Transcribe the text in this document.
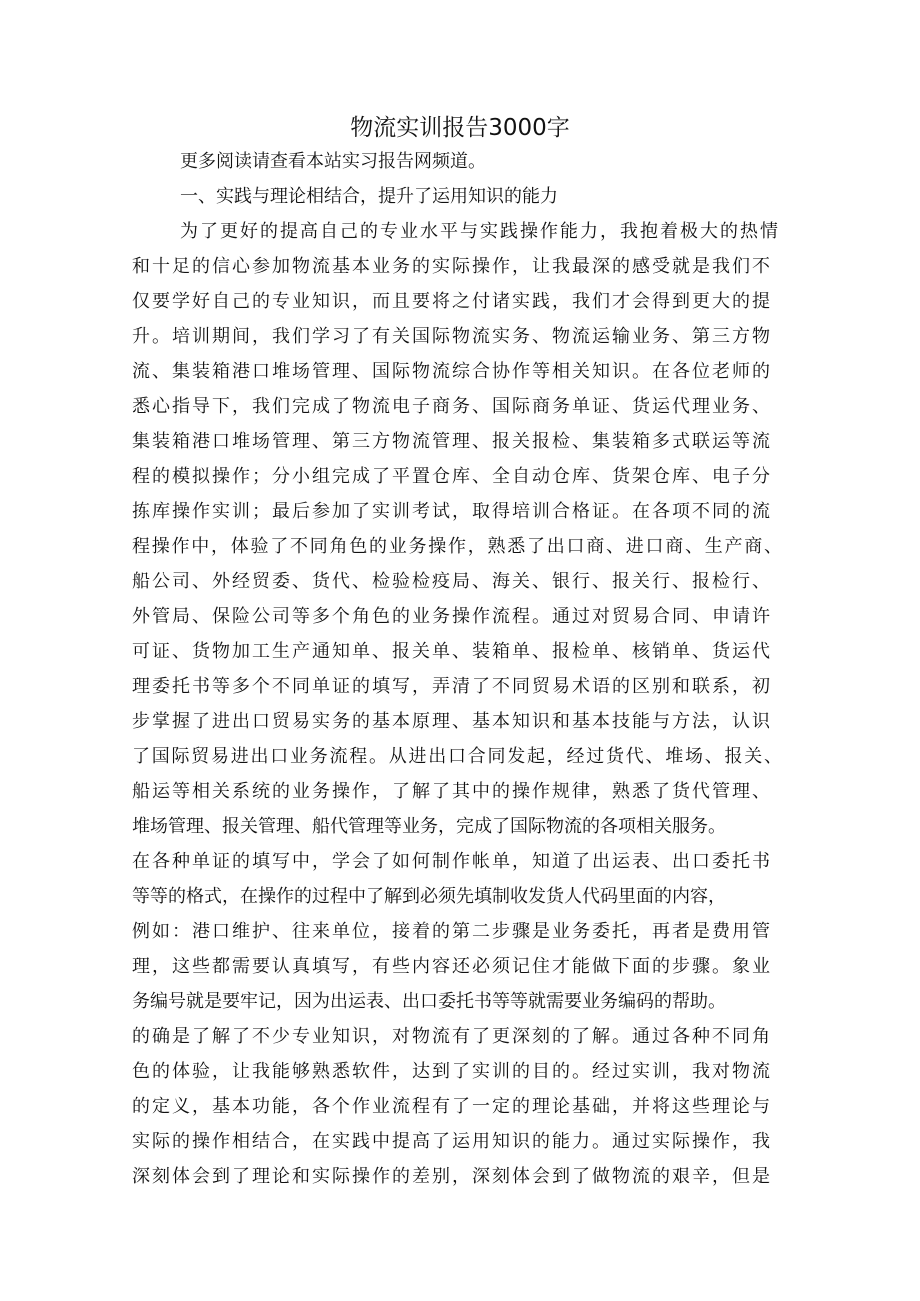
物流实训报告3000字
更多阅读请查看本站实习报告网频道。
一、实践与理论相结合，提升了运用知识的能力
为了更好的提高自己的专业水平与实践操作能力，我抱着极大的热情
和十足的信心参加物流基本业务的实际操作，让我最深的感受就是我们不
仅要学好自己的专业知识，而且要将之付诸实践，我们才会得到更大的提
升。培训期间，我们学习了有关国际物流实务、物流运输业务、第三方物
流、集装箱港口堆场管理、国际物流综合协作等相关知识。在各位老师的
悉心指导下，我们完成了物流电子商务、国际商务单证、货运代理业务、
集装箱港口堆场管理、第三方物流管理、报关报检、集装箱多式联运等流
程的模拟操作；分小组完成了平置仓库、全自动仓库、货架仓库、电子分
拣库操作实训；最后参加了实训考试，取得培训合格证。在各项不同的流
程操作中，体验了不同角色的业务操作，熟悉了出口商、进口商、生产商、
船公司、外经贸委、货代、检验检疫局、海关、银行、报关行、报检行、
外管局、保险公司等多个角色的业务操作流程。通过对贸易合同、申请许
可证、货物加工生产通知单、报关单、装箱单、报检单、核销单、货运代
理委托书等多个不同单证的填写，弄清了不同贸易术语的区别和联系，初
步掌握了进出口贸易实务的基本原理、基本知识和基本技能与方法，认识
了国际贸易进出口业务流程。从进出口合同发起，经过货代、堆场、报关、
船运等相关系统的业务操作，了解了其中的操作规律，熟悉了货代管理、
堆场管理、报关管理、船代管理等业务，完成了国际物流的各项相关服务。
在各种单证的填写中，学会了如何制作帐单，知道了出运表、出口委托书
等等的格式，在操作的过程中了解到必须先填制收发货人代码里面的内容，
例如：港口维护、往来单位，接着的第二步骤是业务委托，再者是费用管
理，这些都需要认真填写，有些内容还必须记住才能做下面的步骤。象业
务编号就是要牢记，因为出运表、出口委托书等等就需要业务编码的帮助。
的确是了解了不少专业知识，对物流有了更深刻的了解。通过各种不同角
色的体验，让我能够熟悉软件，达到了实训的目的。经过实训，我对物流
的定义，基本功能，各个作业流程有了一定的理论基础，并将这些理论与
实际的操作相结合，在实践中提高了运用知识的能力。通过实际操作，我
深刻体会到了理论和实际操作的差别，深刻体会到了做物流的艰辛，但是
